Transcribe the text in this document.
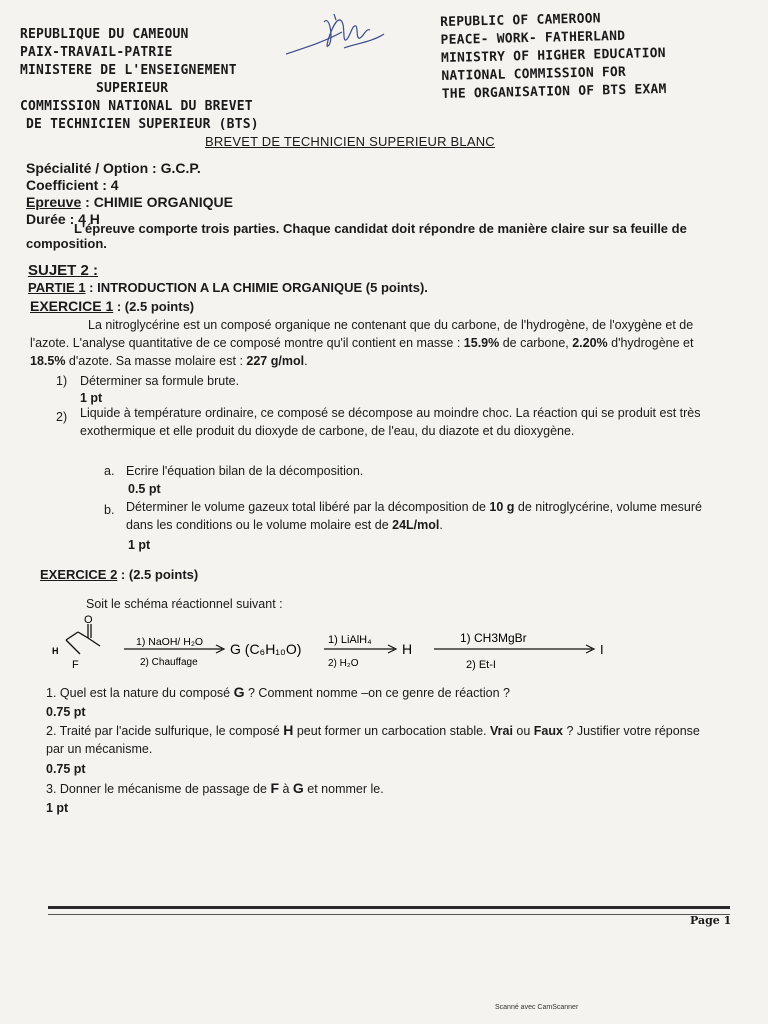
REPUBLIQUE DU CAMEOUN
PAIX-TRAVAIL-PATRIE
MINISTERE DE L'ENSEIGNEMENT
SUPERIEUR
COMMISSION NATIONAL DU BREVET
DE TECHNICIEN SUPERIEUR (BTS)
REPUBLIC OF CAMEROON
PEACE- WORK- FATHERLAND
MINISTRY OF HIGHER EDUCATION
NATIONAL COMMISSION FOR
THE ORGANISATION OF BTS EXAM
BREVET DE TECHNICIEN SUPERIEUR BLANC
Spécialité / Option : G.C.P.
Coefficient : 4
Epreuve : CHIMIE ORGANIQUE
Durée : 4 H
L'épreuve comporte trois parties. Chaque candidat doit répondre de manière claire sur sa feuille de composition.
SUJET 2 :
PARTIE 1 : INTRODUCTION A LA CHIMIE ORGANIQUE (5 points).
EXERCICE 1 : (2.5 points)
La nitroglycérine est un composé organique ne contenant que du carbone, de l'hydrogène, de l'oxygène et de l'azote. L'analyse quantitative de ce composé montre qu'il contient en masse : 15.9% de carbone, 2.20% d'hydrogène et 18.5% d'azote. Sa masse molaire est : 227 g/mol.
1) Déterminer sa formule brute.
1 pt
2) Liquide à température ordinaire, ce composé se décompose au moindre choc. La réaction qui se produit est très exothermique et elle produit du dioxyde de carbone, de l'eau, du diazote et du dioxygène.
a. Ecrire l'équation bilan de la décomposition.
0.5 pt
b. Déterminer le volume gazeux total libéré par la décomposition de 10 g de nitroglycérine, volume mesuré dans les conditions ou le volume molaire est de 24L/mol.
1 pt
EXERCICE 2 : (2.5 points)
Soit le schéma réactionnel suivant :
O
H
F
1) NaOH/ H₂O
2) Chauffage
G (C₆H₁₀O)
1) LiAlH₄
2) H₂O
H
1) CH3MgBr
2) Et-I
I
1. Quel est la nature du composé G ? Comment nomme –on ce genre de réaction ?
0.75 pt
2. Traité par l'acide sulfurique, le composé H peut former un carbocation stable. Vrai ou Faux ? Justifier votre réponse par un mécanisme.
0.75 pt
3. Donner le mécanisme de passage de F à G et nommer le.
1 pt
Page 1
Scanné avec CamScanner
